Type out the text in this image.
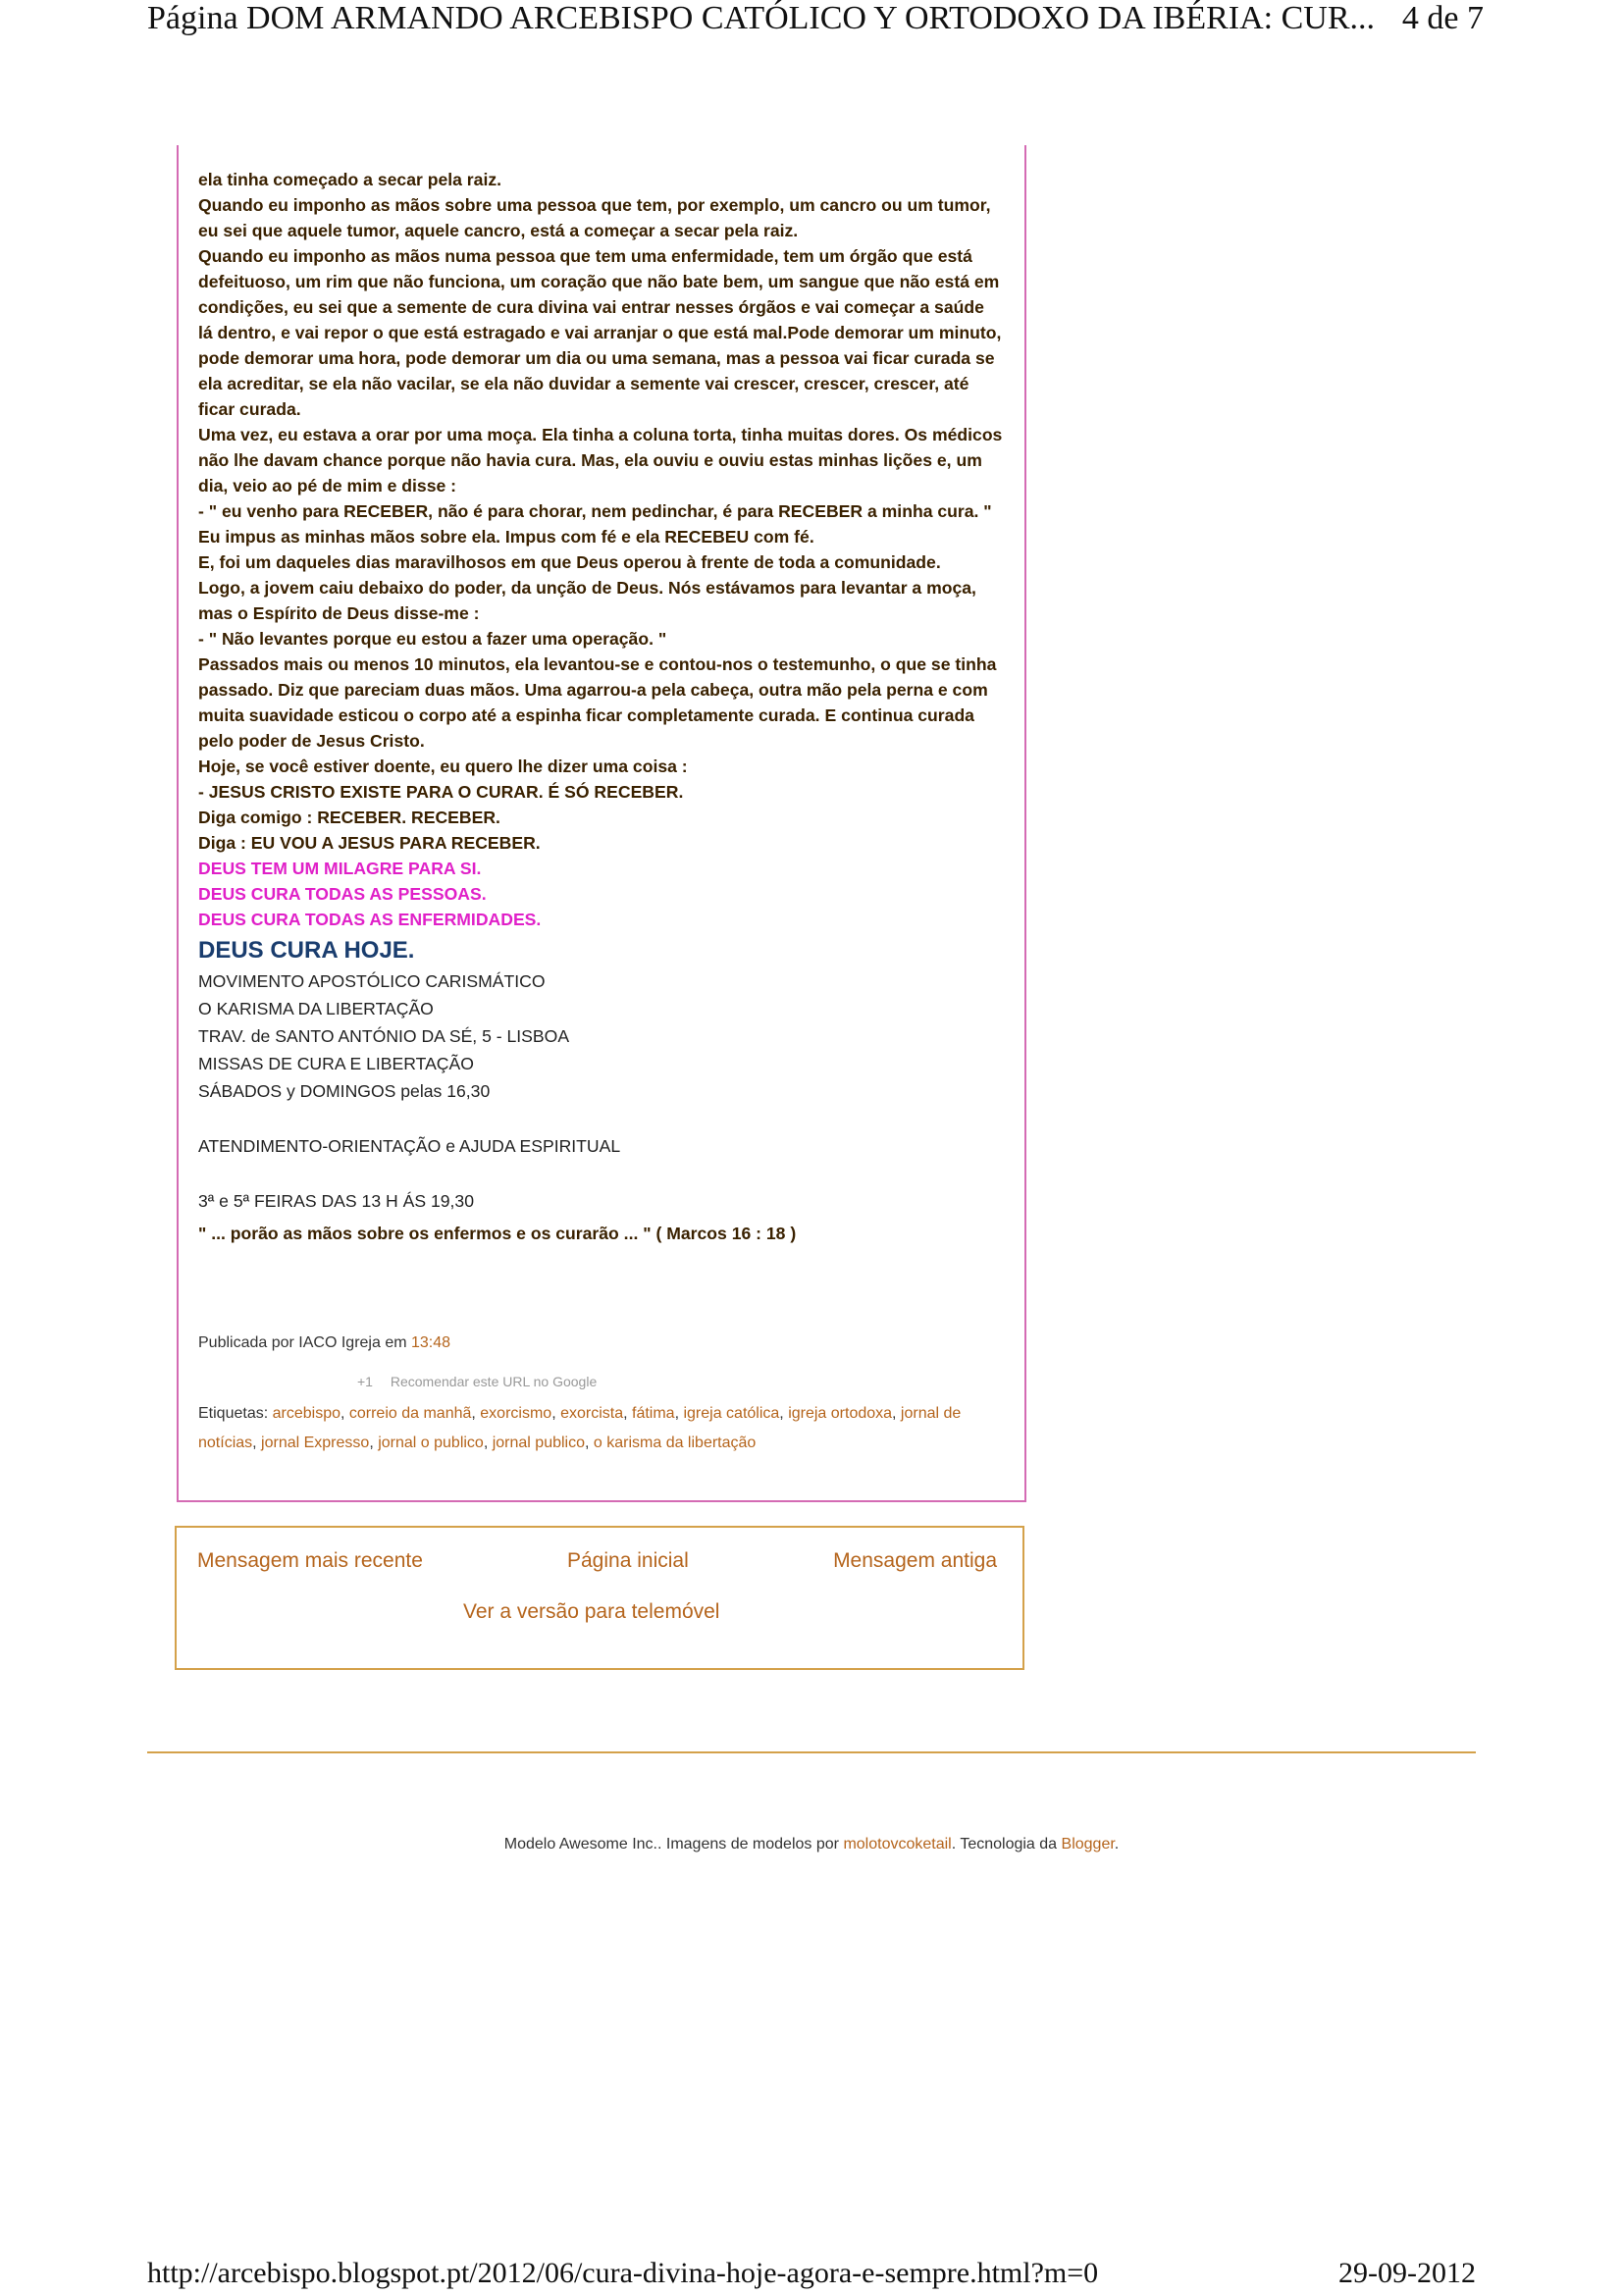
Página DOM ARMANDO ARCEBISPO CATÓLICO Y ORTODOXO DA IBÉRIA: CUR... 4 de 7

ela tinha começado a secar pela raiz.

Quando eu imponho as mãos sobre uma pessoa que tem, por exemplo, um cancro ou um tumor, eu sei que aquele tumor, aquele cancro, está a começar a secar pela raiz.

Quando eu imponho as mãos numa pessoa que tem uma enfermidade, tem um órgão que está defeituoso, um rim que não funciona, um coração que não bate bem, um sangue que não está em condições, eu sei que a semente de cura divina vai entrar nesses órgãos e vai começar a saúde lá dentro, e vai repor o que está estragado e vai arranjar o que está mal.Pode demorar um minuto, pode demorar uma hora, pode demorar um dia ou uma semana, mas a pessoa vai ficar curada se ela acreditar, se ela não vacilar, se ela não duvidar a semente vai crescer, crescer, crescer, até ficar curada.

Uma vez, eu estava a orar por uma moça. Ela tinha a coluna torta, tinha muitas dores. Os médicos não lhe davam chance porque não havia cura. Mas, ela ouviu e ouviu estas minhas lições e, um dia, veio ao pé de mim e disse :

- " eu venho para RECEBER, não é para chorar, nem pedinchar, é para RECEBER a minha cura. "

Eu impus as minhas mãos sobre ela. Impus com fé e ela RECEBEU com fé.

E, foi um daqueles dias maravilhosos em que Deus operou à frente de toda a comunidade.

Logo, a jovem caiu debaixo do poder, da unção de Deus. Nós estávamos para levantar a moça, mas o Espírito de Deus disse-me :

- " Não levantes porque eu estou a fazer uma operação. "

Passados mais ou menos 10 minutos, ela levantou-se e contou-nos o testemunho, o que se tinha passado. Diz que pareciam duas mãos. Uma agarrou-a pela cabeça, outra mão pela perna e com muita suavidade esticou o corpo até a espinha ficar completamente curada. E continua curada pelo poder de Jesus Cristo.

Hoje, se você estiver doente, eu quero lhe dizer uma coisa :

- JESUS CRISTO EXISTE PARA O CURAR. É SÓ RECEBER.

Diga comigo : RECEBER. RECEBER.

Diga : EU VOU A JESUS PARA RECEBER.

DEUS TEM UM MILAGRE PARA SI.

DEUS CURA TODAS AS PESSOAS.

DEUS CURA TODAS AS ENFERMIDADES.

DEUS CURA HOJE.

MOVIMENTO APOSTÓLICO CARISMÁTICO

O KARISMA DA LIBERTAÇÃO

TRAV. de SANTO ANTÓNIO DA SÉ, 5 - LISBOA

MISSAS DE CURA E LIBERTAÇÃO

SÁBADOS y DOMINGOS pelas 16,30

ATENDIMENTO-ORIENTAÇÃO e AJUDA ESPIRITUAL

3ª e 5ª FEIRAS DAS 13 H ÁS 19,30

" ... porão as mãos sobre os enfermos e os curarão ... " ( Marcos 16 : 18 )

Publicada por IACO Igreja em 13:48
+1 Recomendar este URL no Google
Etiquetas: arcebispo, correio da manhã, exorcismo, exorcista, fátima, igreja católica, igreja ortodoxa, jornal de notícias, jornal Expresso, jornal o publico, jornal publico, o karisma da libertação
Mensagem mais recente	Página inicial	Mensagem antiga
Ver a versão para telemóvel
Modelo Awesome Inc.. Imagens de modelos por molotovcoketail. Tecnologia da Blogger.
http://arcebispo.blogspot.pt/2012/06/cura-divina-hoje-agora-e-sempre.html?m=0	29-09-2012
